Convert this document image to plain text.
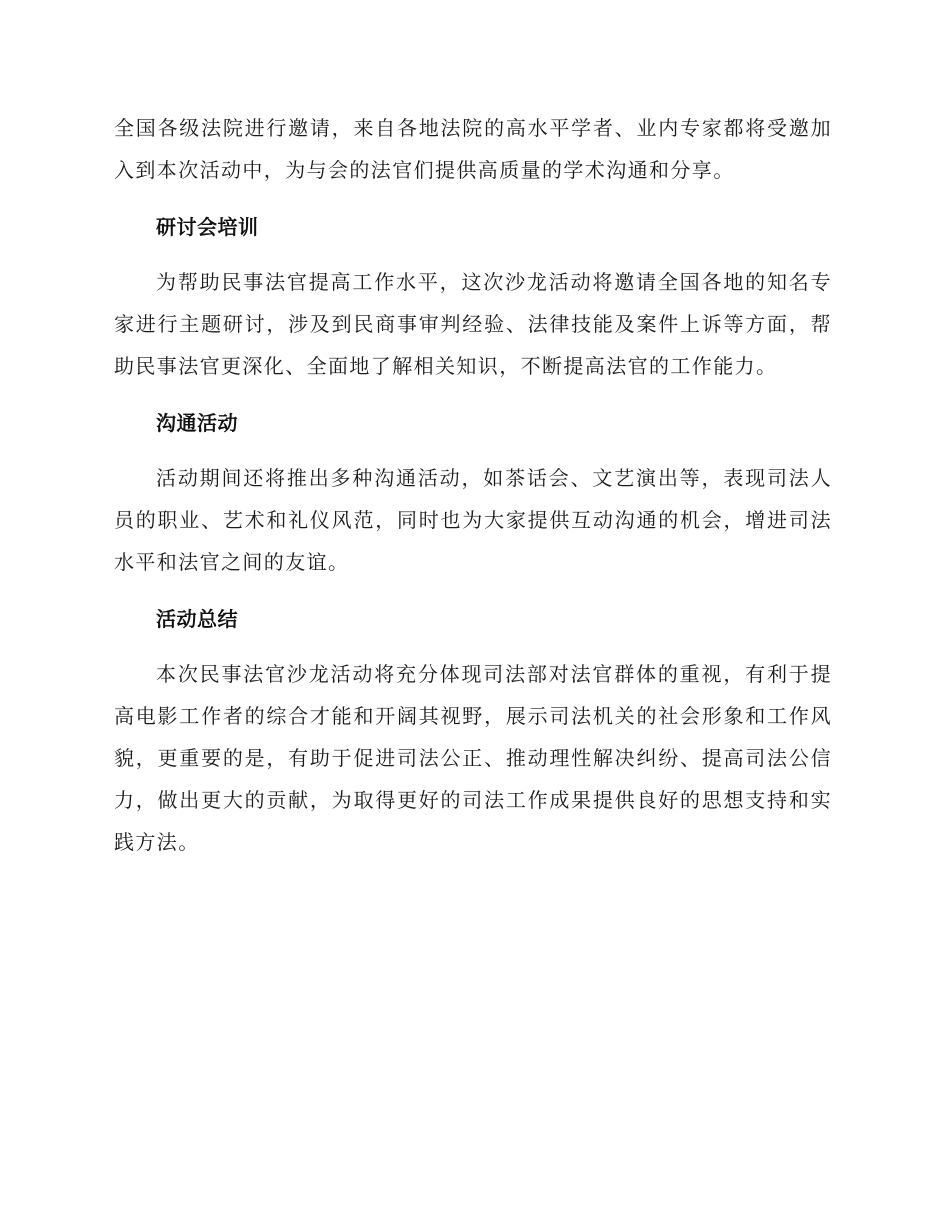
全国各级法院进行邀请，来自各地法院的高水平学者、业内专家都将受邀加入到本次活动中，为与会的法官们提供高质量的学术沟通和分享。

研讨会培训

为帮助民事法官提高工作水平，这次沙龙活动将邀请全国各地的知名专家进行主题研讨，涉及到民商事审判经验、法律技能及案件上诉等方面，帮助民事法官更深化、全面地了解相关知识，不断提高法官的工作能力。

沟通活动

活动期间还将推出多种沟通活动，如茶话会、文艺演出等，表现司法人员的职业、艺术和礼仪风范，同时也为大家提供互动沟通的机会，增进司法水平和法官之间的友谊。

活动总结

本次民事法官沙龙活动将充分体现司法部对法官群体的重视，有利于提高电影工作者的综合才能和开阔其视野，展示司法机关的社会形象和工作风貌，更重要的是，有助于促进司法公正、推动理性解决纠纷、提高司法公信力，做出更大的贡献，为取得更好的司法工作成果提供良好的思想支持和实践方法。
